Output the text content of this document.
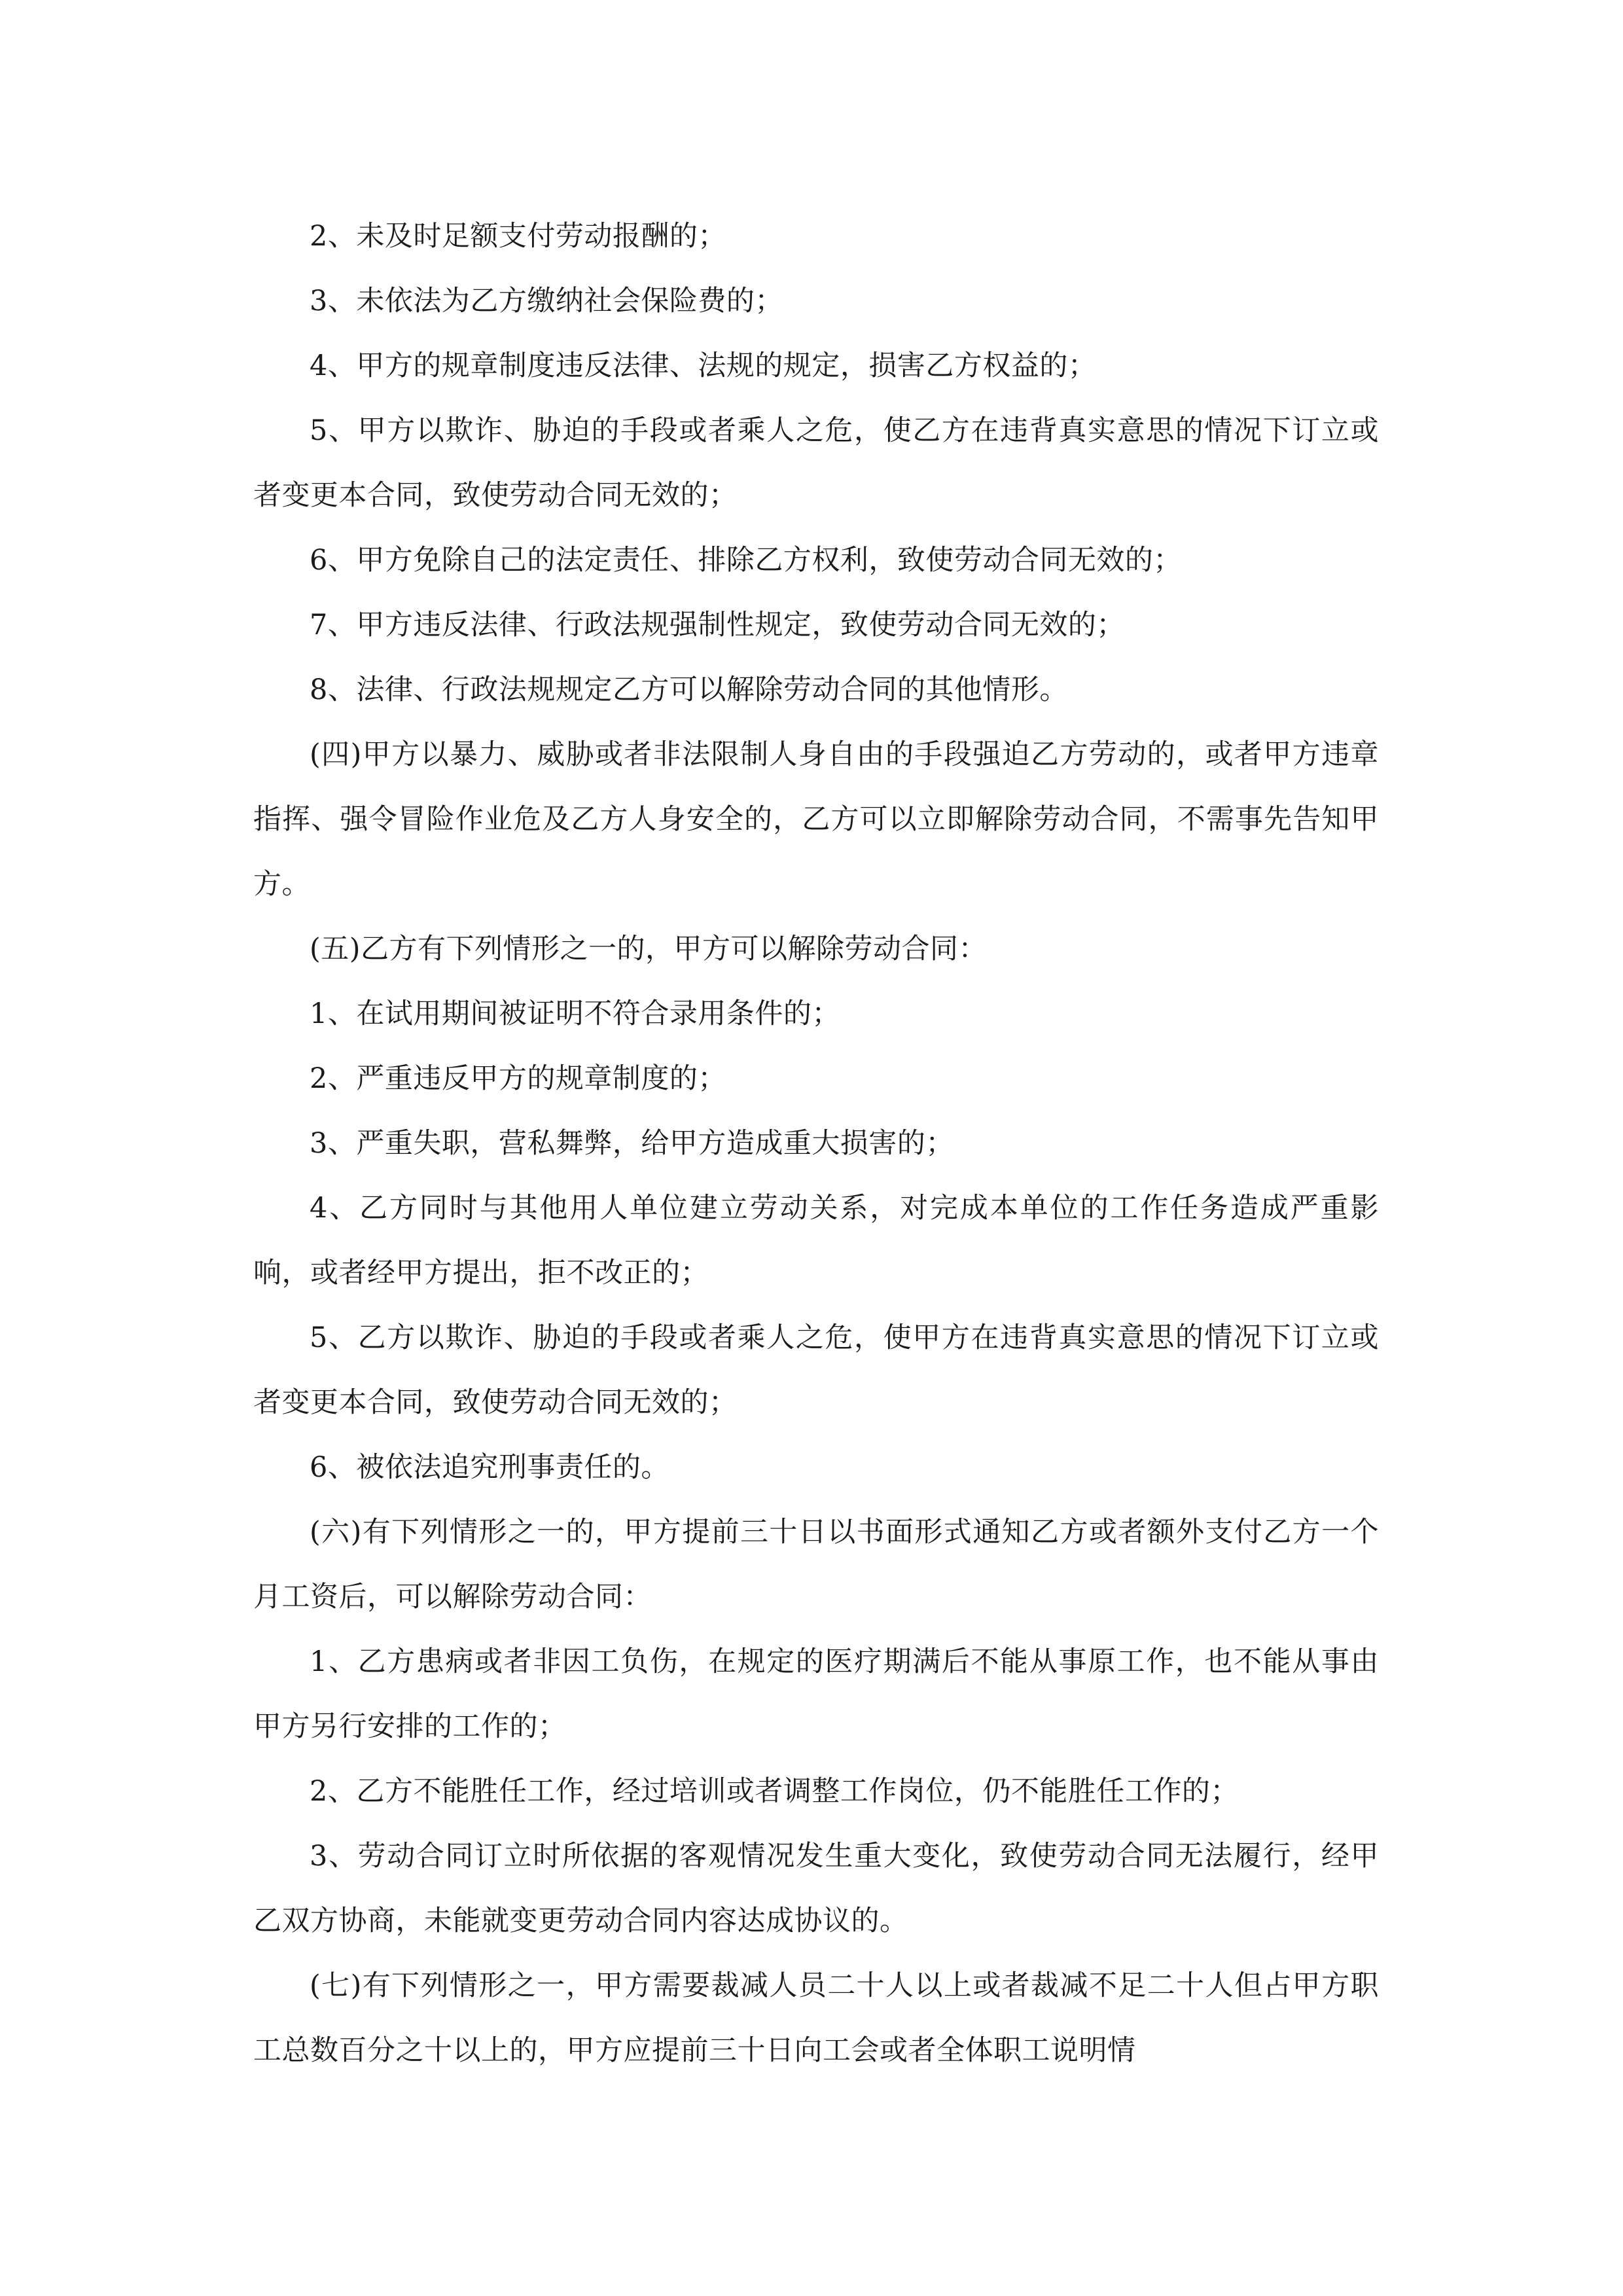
2、未及时足额支付劳动报酬的；

3、未依法为乙方缴纳社会保险费的；

4、甲方的规章制度违反法律、法规的规定，损害乙方权益的；

5、甲方以欺诈、胁迫的手段或者乘人之危，使乙方在违背真实意思的情况下订立或者变更本合同，致使劳动合同无效的；

6、甲方免除自己的法定责任、排除乙方权利，致使劳动合同无效的；

7、甲方违反法律、行政法规强制性规定，致使劳动合同无效的；

8、法律、行政法规规定乙方可以解除劳动合同的其他情形。

(四)甲方以暴力、威胁或者非法限制人身自由的手段强迫乙方劳动的，或者甲方违章指挥、强令冒险作业危及乙方人身安全的，乙方可以立即解除劳动合同，不需事先告知甲方。

(五)乙方有下列情形之一的，甲方可以解除劳动合同：

1、在试用期间被证明不符合录用条件的；

2、严重违反甲方的规章制度的；

3、严重失职，营私舞弊，给甲方造成重大损害的；

4、乙方同时与其他用人单位建立劳动关系，对完成本单位的工作任务造成严重影响，或者经甲方提出，拒不改正的；

5、乙方以欺诈、胁迫的手段或者乘人之危，使甲方在违背真实意思的情况下订立或者变更本合同，致使劳动合同无效的；

6、被依法追究刑事责任的。

(六)有下列情形之一的，甲方提前三十日以书面形式通知乙方或者额外支付乙方一个月工资后，可以解除劳动合同：

1、乙方患病或者非因工负伤，在规定的医疗期满后不能从事原工作，也不能从事由甲方另行安排的工作的；

2、乙方不能胜任工作，经过培训或者调整工作岗位，仍不能胜任工作的；

3、劳动合同订立时所依据的客观情况发生重大变化，致使劳动合同无法履行，经甲乙双方协商，未能就变更劳动合同内容达成协议的。

(七)有下列情形之一，甲方需要裁减人员二十人以上或者裁减不足二十人但占甲方职工总数百分之十以上的，甲方应提前三十日向工会或者全体职工说明情
